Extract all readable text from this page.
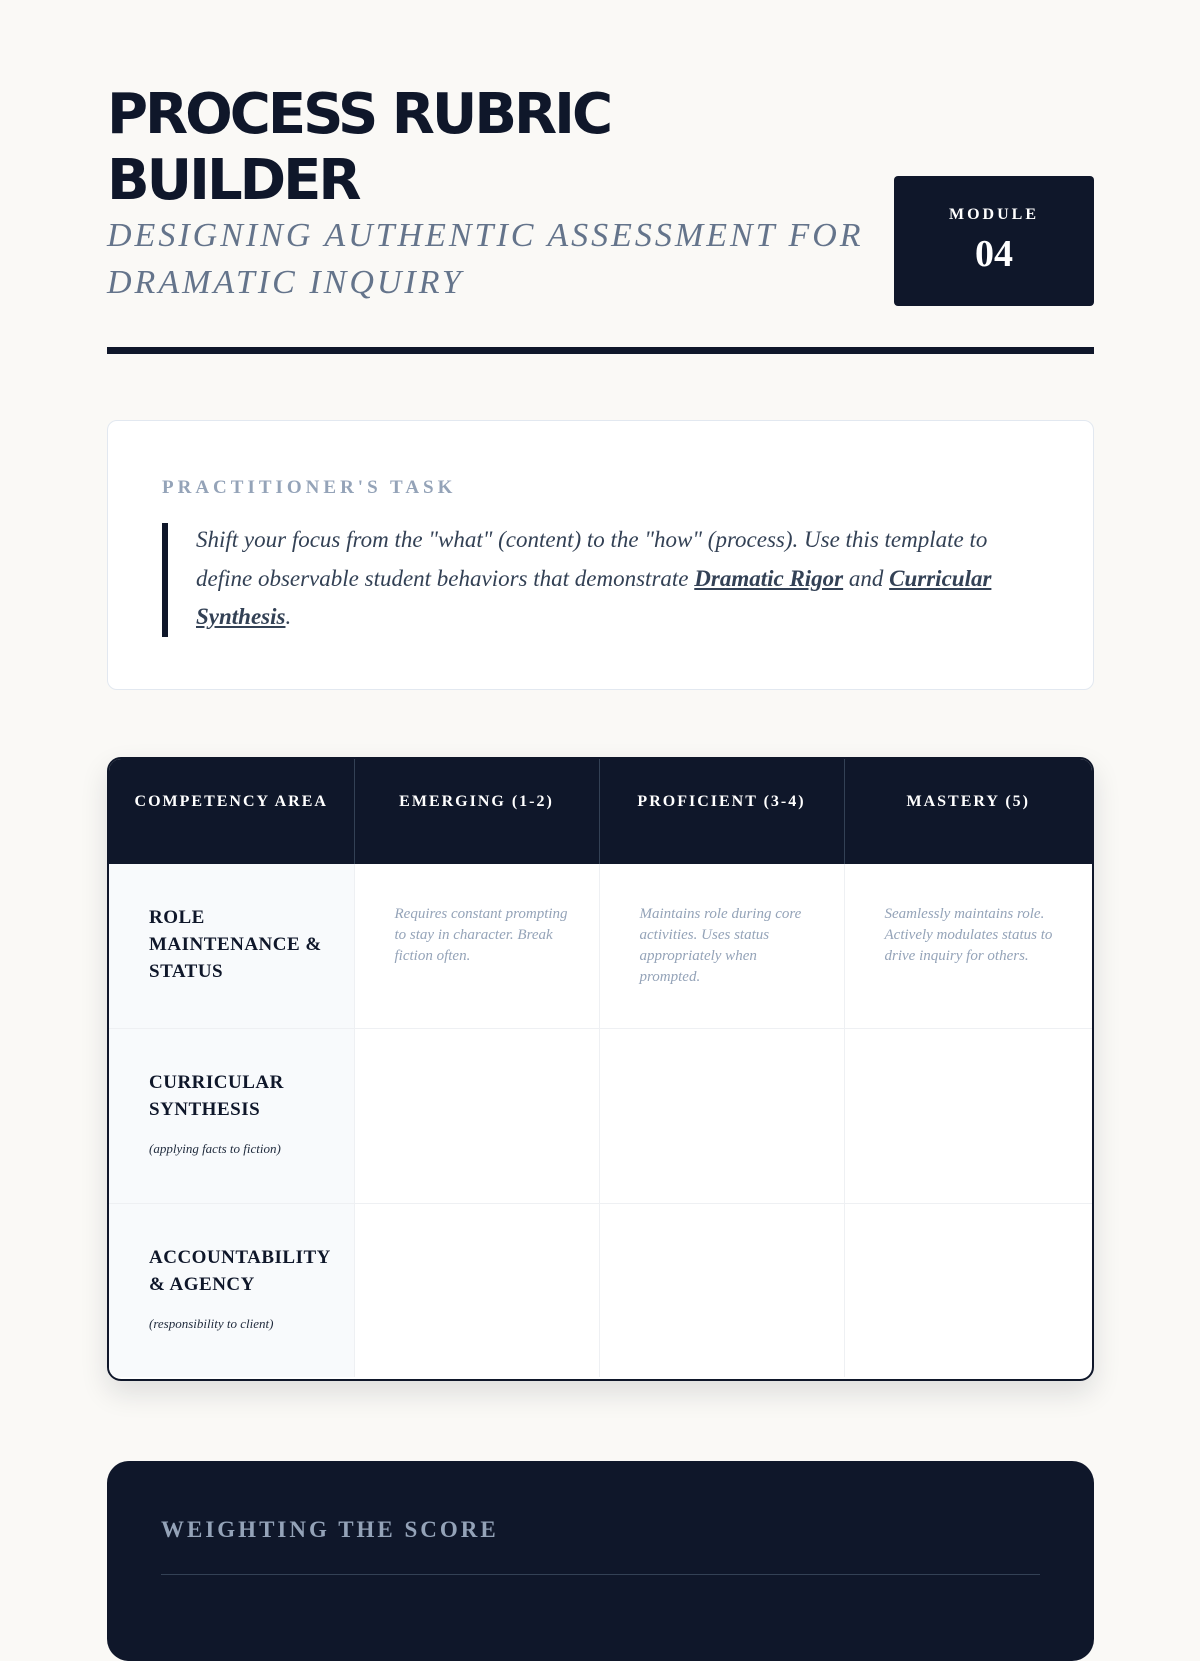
PROCESS RUBRIC BUILDER

DESIGNING AUTHENTIC ASSESSMENT FOR DRAMATIC INQUIRY

MODULE
04
PRACTITIONER'S TASK

Shift your focus from the "what" (content) to the "how" (process). Use this template to define observable student behaviors that demonstrate Dramatic Rigor and Curricular Synthesis.

COMPETENCY AREA	EMERGING (1-2)	PROFICIENT (3-4)	MASTERY (5)

ROLE MAINTENANCE & STATUS	Requires constant prompting to stay in character. Break fiction often.	Maintains role during core activities. Uses status appropriately when prompted.	Seamlessly maintains role. Actively modulates status to drive inquiry for others.

CURRICULAR SYNTHESIS
(applying facts to fiction)			

ACCOUNTABILITY & AGENCY
(responsibility to client)			

WEIGHTING THE SCORE
